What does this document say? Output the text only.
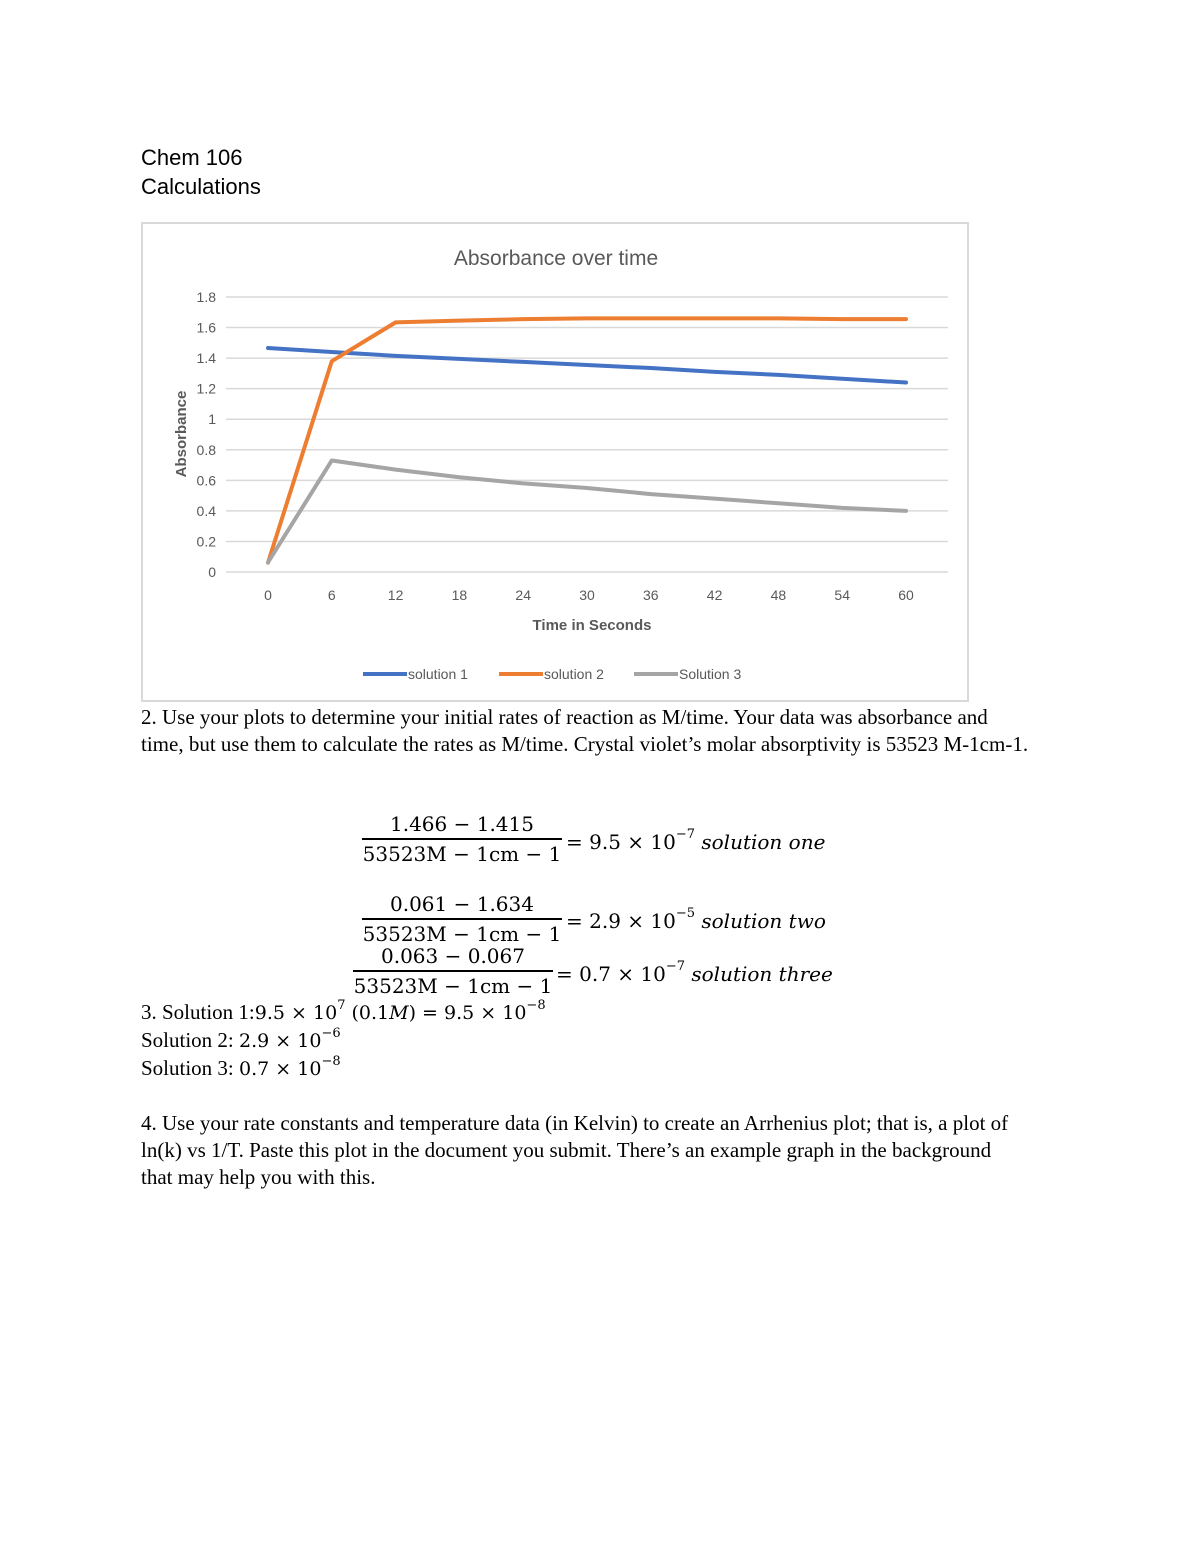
Chem 106
Calculations
Absorbance over time
0
0.2
0.4
0.6
0.8
1
1.2
1.4
1.6
1.8
0	6	12	18	24	30	36	42	48	54	60
Time in Seconds
Absorbance
solution 1	solution 2	Solution 3
2. Use your plots to determine your initial rates of reaction as M/time. Your data was absorbance and
time, but use them to calculate the rates as M/time. Crystal violet’s molar absorptivity is 53523 M-1cm-1.
$\frac{1.466 - 1.415}{53523M - 1cm - 1} = 9.5 \times 10^{-7}$ solution one
$\frac{0.061 - 1.634}{53523M - 1cm - 1} = 2.9 \times 10^{-5}$ solution two
$\frac{0.063 - 0.067}{53523M - 1cm - 1} = 0.7 \times 10^{-7}$ solution three
3. Solution 1:9.5 × $10^7$ $(0.1M) = 9.5 \times 10^{-8}$
Solution 2: $2.9 \times 10^{-6}$
Solution 3: $0.7 \times 10^{-8}$
4. Use your rate constants and temperature data (in Kelvin) to create an Arrhenius plot; that is, a plot of
ln(k) vs 1/T. Paste this plot in the document you submit. There’s an example graph in the background
that may help you with this.
